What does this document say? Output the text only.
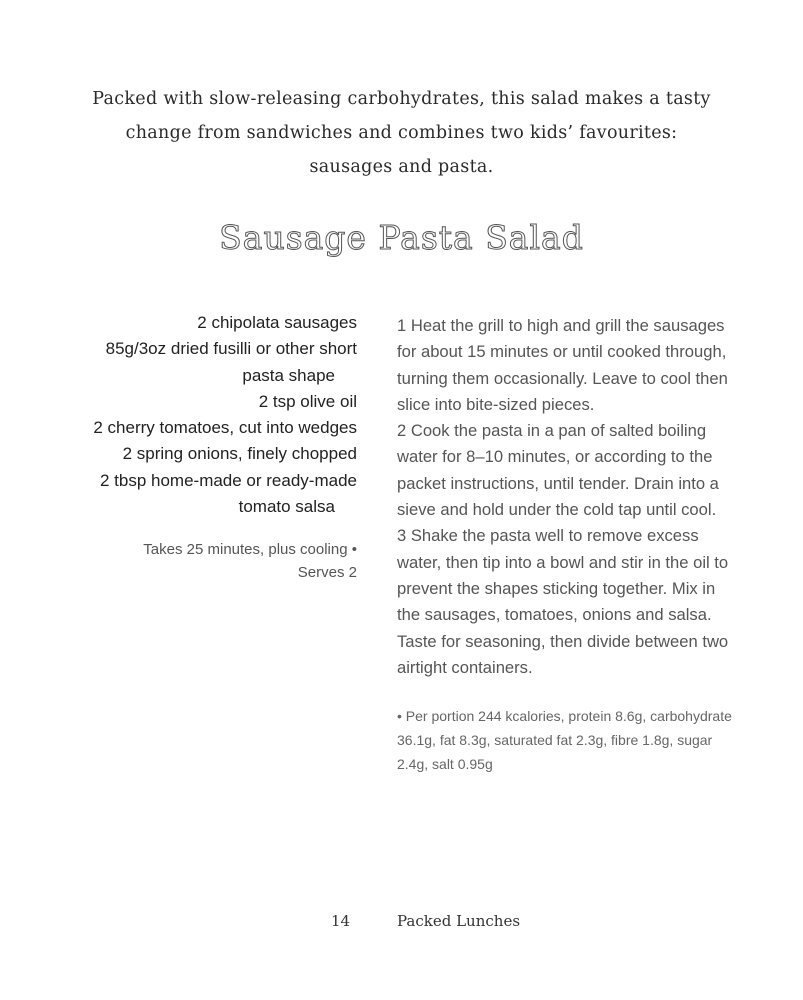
Packed with slow-releasing carbohydrates, this salad makes a tasty
change from sandwiches and combines two kids’ favourites:
sausages and pasta.
Sausage Pasta Salad
2 chipolata sausages
85g/3oz dried fusilli or other short
pasta shape
2 tsp olive oil
2 cherry tomatoes, cut into wedges
2 spring onions, finely chopped
2 tbsp home-made or ready-made
tomato salsa
Takes 25 minutes, plus cooling •
Serves 2
1 Heat the grill to high and grill the sausages
for about 15 minutes or until cooked through,
turning them occasionally. Leave to cool then
slice into bite-sized pieces.
2 Cook the pasta in a pan of salted boiling
water for 8–10 minutes, or according to the
packet instructions, until tender. Drain into a
sieve and hold under the cold tap until cool.
3 Shake the pasta well to remove excess
water, then tip into a bowl and stir in the oil to
prevent the shapes sticking together. Mix in
the sausages, tomatoes, onions and salsa.
Taste for seasoning, then divide between two
airtight containers.
• Per portion 244 kcalories, protein 8.6g, carbohydrate
36.1g, fat 8.3g, saturated fat 2.3g, fibre 1.8g, sugar
2.4g, salt 0.95g
14	Packed Lunches
